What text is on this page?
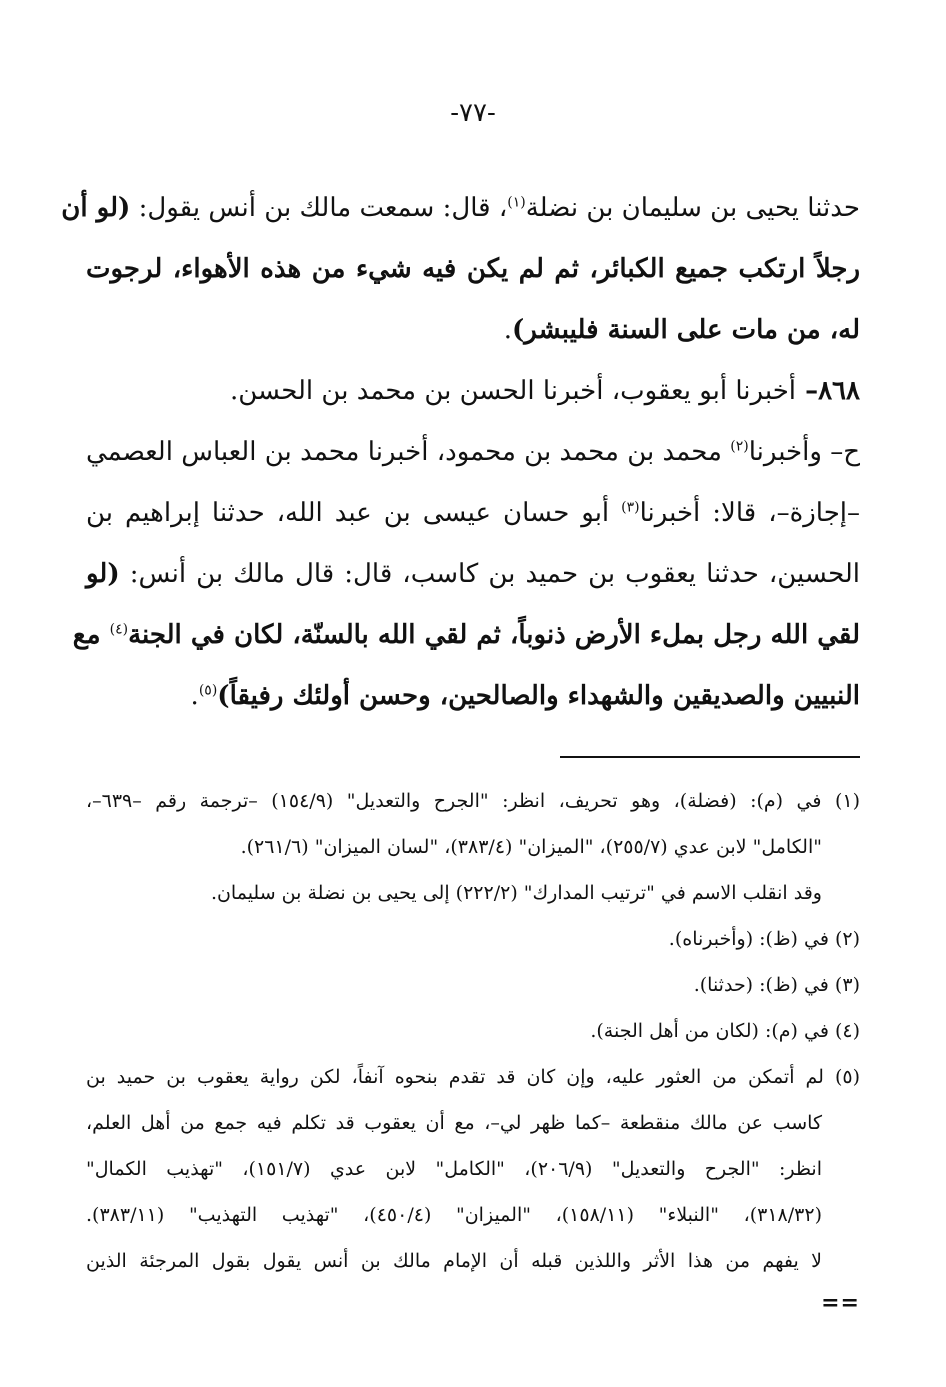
-٧٧-
حدثنا يحيى بن سليمان بن نضلة$^{(١)}$، قال: سمعت مالك بن أنس يقول: (لو أن
رجلاً ارتكب جميع الكبائر، ثم لم يكن فيه شيء من هذه الأهواء، لرجوت
له، من مات على السنة فليبشر).
٨٦٨– أخبرنا أبو يعقوب، أخبرنا الحسن بن محمد بن الحسن.
ح– وأخبرنا$^{(٢)}$ محمد بن محمد بن محمود، أخبرنا محمد بن العباس العصمي
–إجازة–، قالا: أخبرنا$^{(٣)}$ أبو حسان عيسى بن عبد الله، حدثنا إبراهيم بن
الحسين، حدثنا يعقوب بن حميد بن كاسب، قال: قال مالك بن أنس: (لو
لقي الله رجل بملء الأرض ذنوباً، ثم لقي الله بالسنّة، لكان في الجنة$^{(٤)}$ مع
النبيين والصديقين والشهداء والصالحين، وحسن أولئك رفيقاً)$^{(٥)}$.
(١) في (م): (فضلة)، وهو تحريف، انظر: "الجرح والتعديل" (١٥٤/٩) –ترجمة رقم –٦٣٩–،
"الكامل" لابن عدي (٢٥٥/٧)، "الميزان" (٣٨٣/٤)، "لسان الميزان" (٢٦١/٦).
وقد انقلب الاسم في "ترتيب المدارك" (٢٢٢/٢) إلى يحيى بن نضلة بن سليمان.
(٢) في (ظ): (وأخبرناه).
(٣) في (ظ): (حدثنا).
(٤) في (م): (لكان من أهل الجنة).
(٥) لم أتمكن من العثور عليه، وإن كان قد تقدم بنحوه آنفاً، لكن رواية يعقوب بن حميد بن
كاسب عن مالك منقطعة –كما ظهر لي–، مع أن يعقوب قد تكلم فيه جمع من أهل العلم،
انظر: "الجرح والتعديل" (٢٠٦/٩)، "الكامل" لابن عدي (١٥١/٧)، "تهذيب الكمال"
(٣١٨/٣٢)، "النبلاء" (١٥٨/١١)، "الميزان" (٤٥٠/٤)، "تهذيب التهذيب" (٣٨٣/١١).
لا يفهم من هذا الأثر واللذين قبله أن الإمام مالك بن أنس يقول بقول المرجئة الذين
==
